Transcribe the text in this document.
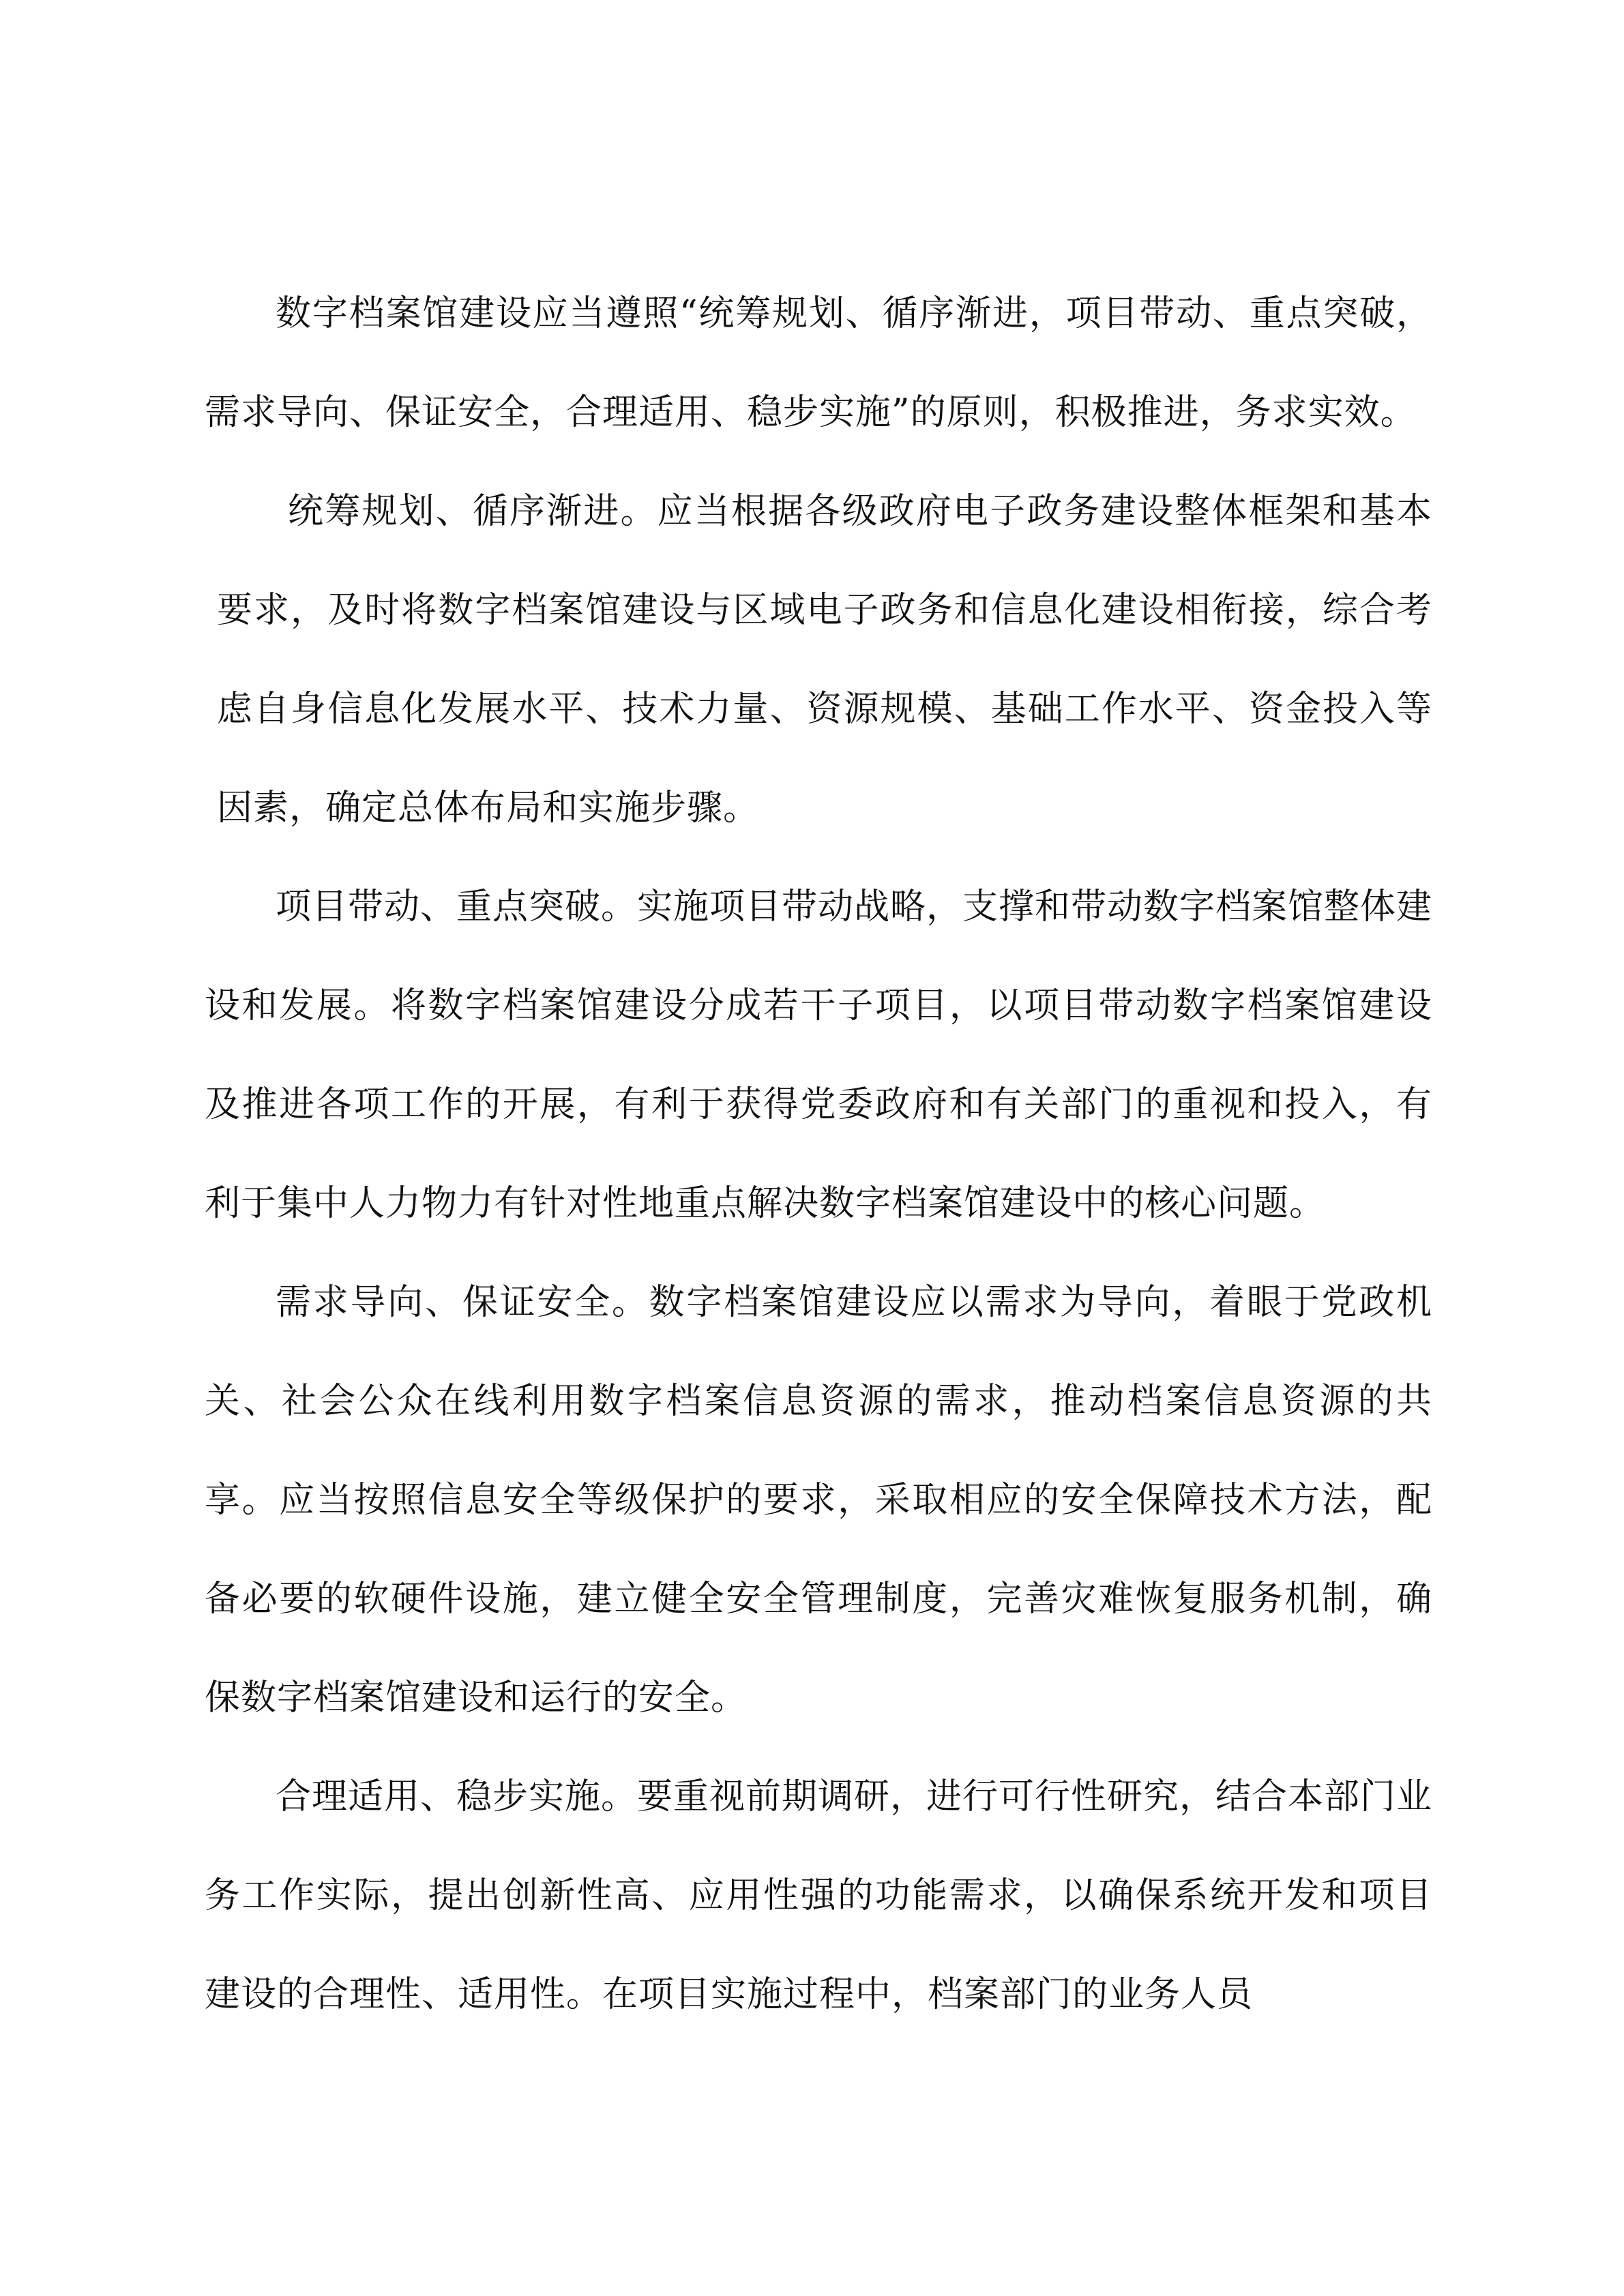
数字档案馆建设应当遵照“统筹规划、循序渐进，项目带动、重点突破，需求导向、保证安全，合理适用、稳步实施”的原则，积极推进，务求实效。

统筹规划、循序渐进。应当根据各级政府电子政务建设整体框架和基本要求，及时将数字档案馆建设与区域电子政务和信息化建设相衔接，综合考虑自身信息化发展水平、技术力量、资源规模、基础工作水平、资金投入等因素，确定总体布局和实施步骤。

项目带动、重点突破。实施项目带动战略，支撑和带动数字档案馆整体建设和发展。将数字档案馆建设分成若干子项目，以项目带动数字档案馆建设及推进各项工作的开展，有利于获得党委政府和有关部门的重视和投入，有利于集中人力物力有针对性地重点解决数字档案馆建设中的核心问题。

需求导向、保证安全。数字档案馆建设应以需求为导向，着眼于党政机关、社会公众在线利用数字档案信息资源的需求，推动档案信息资源的共享。应当按照信息安全等级保护的要求，采取相应的安全保障技术方法，配备必要的软硬件设施，建立健全安全管理制度，完善灾难恢复服务机制，确保数字档案馆建设和运行的安全。

合理适用、稳步实施。要重视前期调研，进行可行性研究，结合本部门业务工作实际，提出创新性高、应用性强的功能需求，以确保系统开发和项目建设的合理性、适用性。在项目实施过程中，档案部门的业务人员
